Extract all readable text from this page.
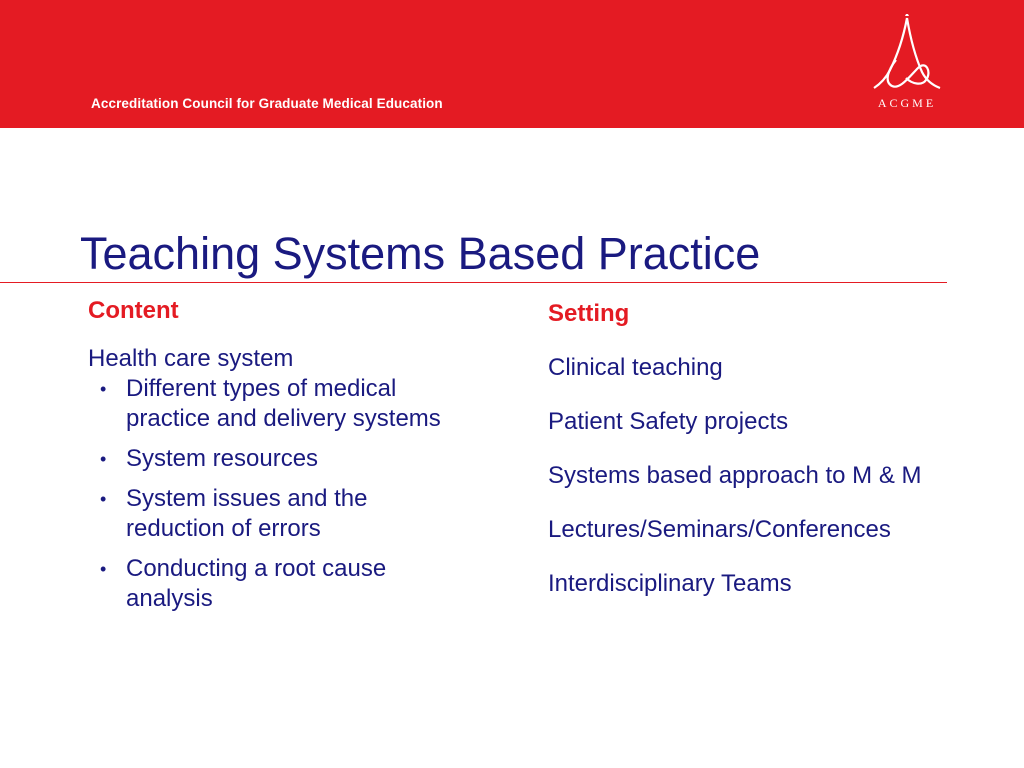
Accreditation Council for Graduate Medical Education	ACGME
Teaching Systems Based Practice
Content
Health care system
• Different types of medical practice and delivery systems
• System resources
• System issues and the reduction of errors
• Conducting a root cause analysis
Setting
Clinical teaching
Patient Safety projects
Systems based approach to M & M
Lectures/Seminars/Conferences
Interdisciplinary Teams
